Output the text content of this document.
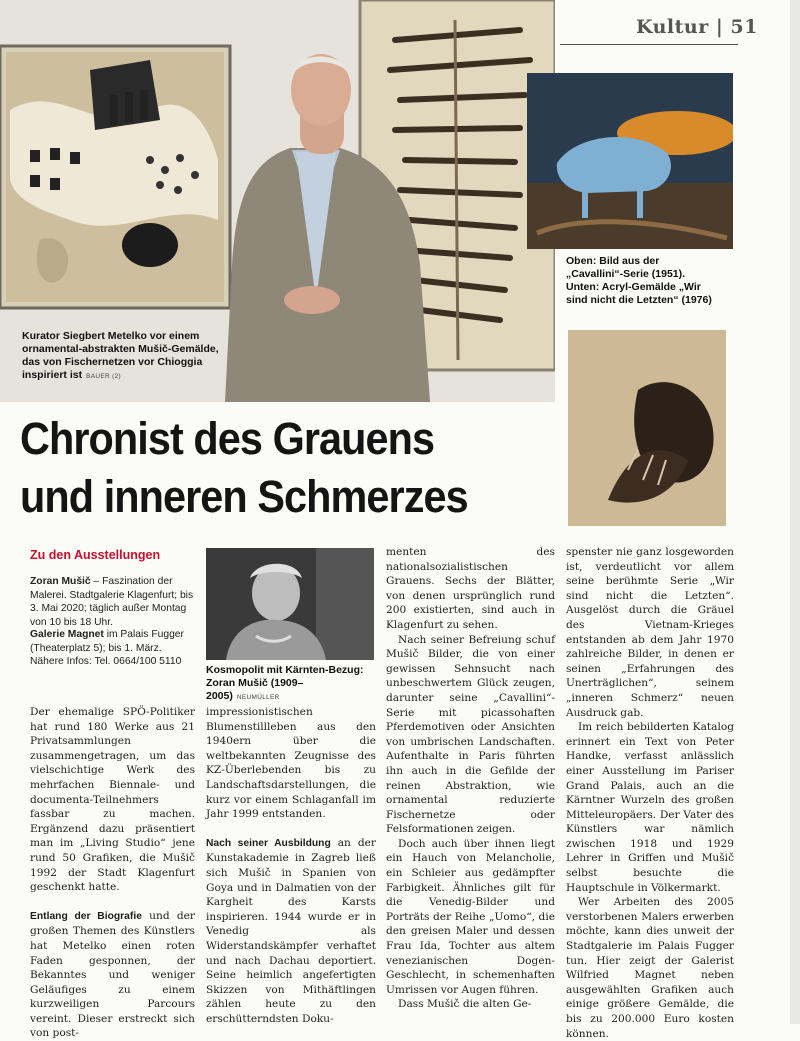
Kultur | 51
Kurator Siegbert Metelko vor einem ornamental-abstrakten Mušič-Gemälde, das von Fischernetzen vor Chioggia inspiriert ist BAUER (2)
Oben: Bild aus der „Cavallini“-Serie (1951). Unten: Acryl-Gemälde „Wir sind nicht die Letzten“ (1976)
Chronist des Grauens
und inneren Schmerzes
Zu den Ausstellungen
Zoran Mušič – Faszination der Malerei. Stadtgalerie Klagenfurt; bis 3. Mai 2020; täglich außer Montag von 10 bis 18 Uhr.
Galerie Magnet im Palais Fugger (Theaterplatz 5); bis 1. März. Nähere Infos: Tel. 0664/100 5110
Kosmopolit mit Kärnten-Bezug: Zoran Mušič (1909–2005) NEUMÜLLER

Der ehemalige SPÖ-Politiker hat rund 180 Werke aus 21 Privatsammlungen zusammengetragen, um das vielschichtige Werk des mehrfachen Biennale- und documenta-Teilnehmers fassbar zu machen. Ergänzend dazu präsentiert man im „Living Studio“ jene rund 50 Grafiken, die Mušič 1992 der Stadt Klagenfurt geschenkt hatte.

Entlang der Biografie und der großen Themen des Künstlers hat Metelko einen roten Faden gesponnen, der Bekanntes und weniger Geläufiges zu einem kurzweiligen Parcours vereint. Dieser erstreckt sich von post-

impressionistischen Blumenstillleben aus den 1940ern über die weltbekannten Zeugnisse des KZ-Überlebenden bis zu Landschaftsdarstellungen, die kurz vor einem Schlaganfall im Jahr 1999 entstanden.

Nach seiner Ausbildung an der Kunstakademie in Zagreb ließ sich Mušič in Spanien von Goya und in Dalmatien von der Kargheit des Karsts inspirieren. 1944 wurde er in Venedig als Widerstandskämpfer verhaftet und nach Dachau deportiert. Seine heimlich angefertigten Skizzen von Mithäftlingen zählen heute zu den erschütterndsten Doku-

menten des nationalsozialistischen Grauens. Sechs der Blätter, von denen ursprünglich rund 200 existierten, sind auch in Klagenfurt zu sehen.

Nach seiner Befreiung schuf Mušič Bilder, die von einer gewissen Sehnsucht nach unbeschwertem Glück zeugen, darunter seine „Cavallini“-Serie mit picassohaften Pferdemotiven oder Ansichten von umbrischen Landschaften. Aufenthalte in Paris führten ihn auch in die Gefilde der reinen Abstraktion, wie ornamental reduzierte Fischernetze oder Felsformationen zeigen.

Doch auch über ihnen liegt ein Hauch von Melancholie, ein Schleier aus gedämpfter Farbigkeit. Ähnliches gilt für die Venedig-Bilder und Porträts der Reihe „Uomo“, die den greisen Maler und dessen Frau Ida, Tochter aus altem venezianischen Dogen-Geschlecht, in schemenhaften Umrissen vor Augen führen.

Dass Mušič die alten Ge-

spenster nie ganz losgeworden ist, verdeutlicht vor allem seine berühmte Serie „Wir sind nicht die Letzten“. Ausgelöst durch die Gräuel des Vietnam-Krieges entstanden ab dem Jahr 1970 zahlreiche Bilder, in denen er seinen „Erfahrungen des Unerträglichen“, seinem „inneren Schmerz“ neuen Ausdruck gab.

Im reich bebilderten Katalog erinnert ein Text von Peter Handke, verfasst anlässlich einer Ausstellung im Pariser Grand Palais, auch an die Kärntner Wurzeln des großen Mitteleuropäers. Der Vater des Künstlers war nämlich zwischen 1918 und 1929 Lehrer in Griffen und Mušič selbst besuchte die Hauptschule in Völkermarkt.

Wer Arbeiten des 2005 verstorbenen Malers erwerben möchte, kann dies unweit der Stadtgalerie im Palais Fugger tun. Hier zeigt der Galerist Wilfried Magnet neben ausgewählten Grafiken auch einige größere Gemälde, die bis zu 200.000 Euro kosten können.
